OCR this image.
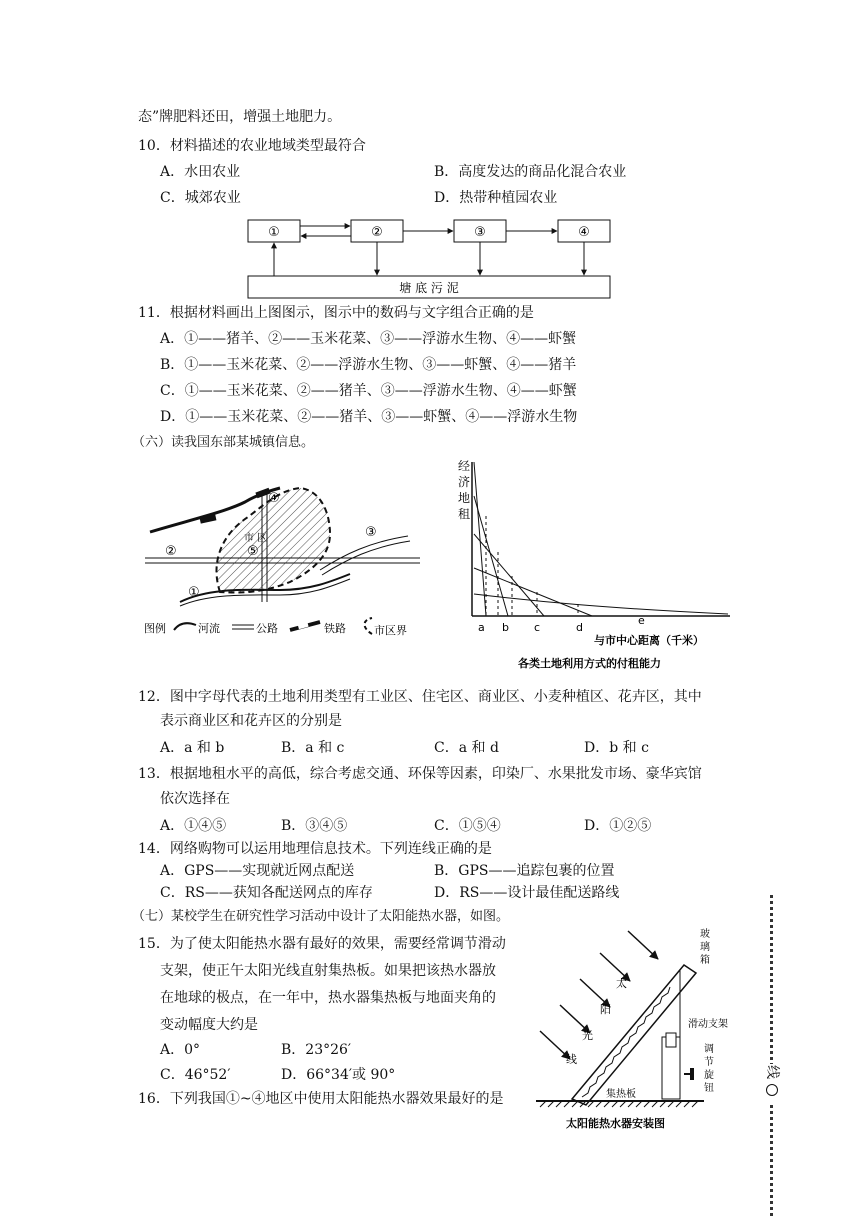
态”牌肥料还田，增强土地肥力。
10．材料描述的农业地域类型最符合
A．水田农业	B．高度发达的商品化混合农业
C．城郊农业	D．热带种植园农业
①	②	③	④
塘 底 污 泥
11．根据材料画出上图图示，图示中的数码与文字组合正确的是
A．①——猪羊、②——玉米花菜、③——浮游水生物、④——虾蟹
B．①——玉米花菜、②——浮游水生物、③——虾蟹、④——猪羊
C．①——玉米花菜、②——猪羊、③——浮游水生物、④——虾蟹
D．①——玉米花菜、②——猪羊、③——虾蟹、④——浮游水生物
（六）读我国东部某城镇信息。
①
②
③
④
⑤
市 区
图例	河流	公路	铁路	市区界
经
济
地
租
a b c	d
e
与市中心距离（千米）
各类土地利用方式的付租能力
12．图中字母代表的土地利用类型有工业区、住宅区、商业区、小麦种植区、花卉区，其中
表示商业区和花卉区的分别是
A．a 和 b	B．a 和 c	C．a 和 d	D．b 和 c
13．根据地租水平的高低，综合考虑交通、环保等因素，印染厂、水果批发市场、豪华宾馆
依次选择在
A．①④⑤	B．③④⑤	C．①⑤④	D．①②⑤
14．网络购物可以运用地理信息技术。下列连线正确的是
A．GPS——实现就近网点配送	B．GPS——追踪包裹的位置
C．RS——获知各配送网点的库存	D．RS——设计最佳配送路线
（七）某校学生在研究性学习活动中设计了太阳能热水器，如图。
15．为了使太阳能热水器有最好的效果，需要经常调节滑动
支架，使正午太阳光线直射集热板。如果把该热水器放
在地球的极点，在一年中，热水器集热板与地面夹角的
变动幅度大约是
A．0°	B．23°26′
C．46°52′	D．66°34′或 90°
16．下列我国①~④地区中使用太阳能热水器效果最好的是
太
阳
光
线
玻
璃
箱
滑动支架
调
节
旋
钮
集热板
太阳能热水器安装图
线
